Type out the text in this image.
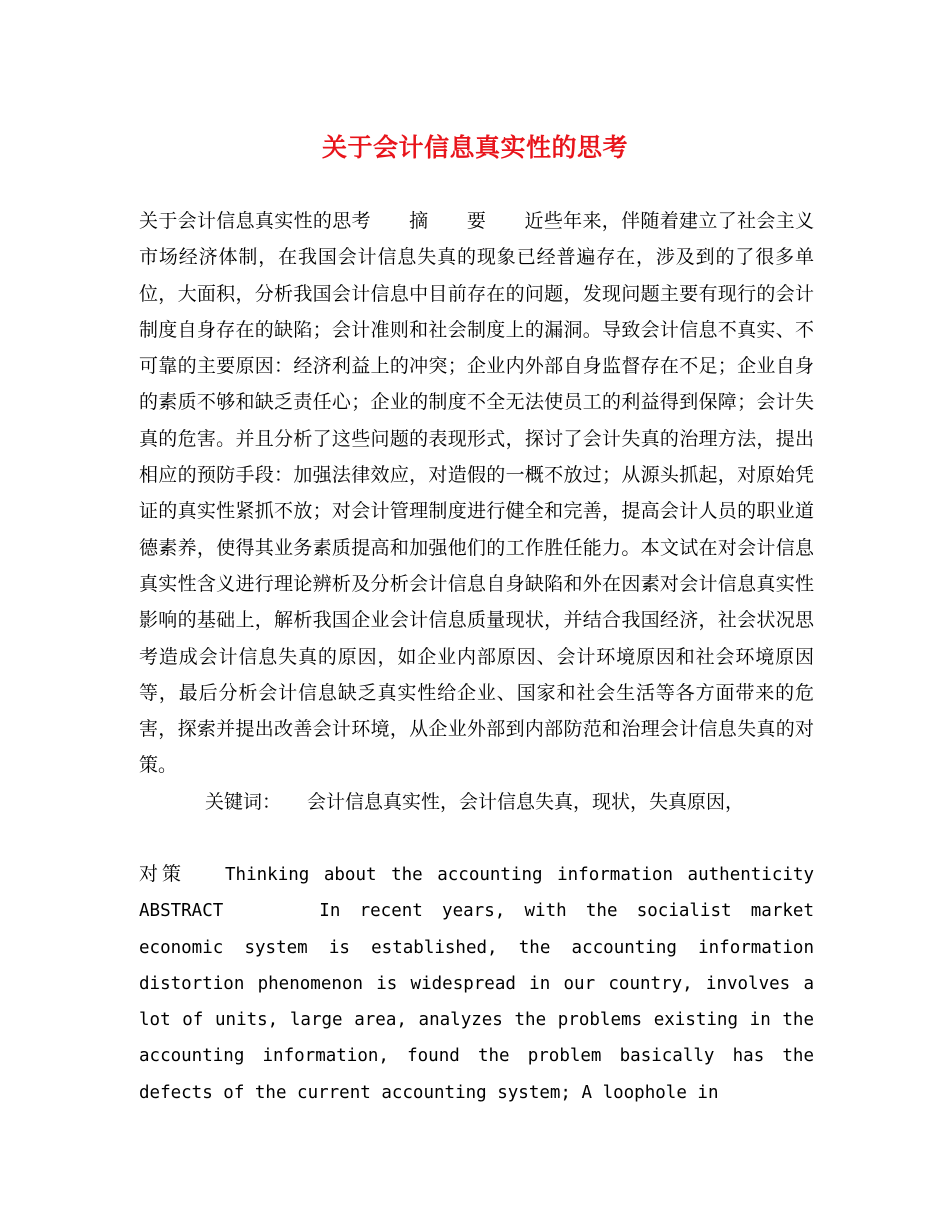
关于会计信息真实性的思考

关于会计信息真实性的思考 摘 要 近些年来，伴随着建立了社会主义市场经济体制，在我国会计信息失真的现象已经普遍存在，涉及到的了很多单位，大面积，分析我国会计信息中目前存在的问题，发现问题主要有现行的会计制度自身存在的缺陷；会计准则和社会制度上的漏洞。导致会计信息不真实、不可靠的主要原因：经济利益上的冲突；企业内外部自身监督存在不足；企业自身的素质不够和缺乏责任心；企业的制度不全无法使员工的利益得到保障；会计失真的危害。并且分析了这些问题的表现形式，探讨了会计失真的治理方法，提出相应的预防手段：加强法律效应，对造假的一概不放过；从源头抓起，对原始凭证的真实性紧抓不放；对会计管理制度进行健全和完善，提高会计人员的职业道德素养，使得其业务素质提高和加强他们的工作胜任能力。本文试在对会计信息真实性含义进行理论辨析及分析会计信息自身缺陷和外在因素对会计信息真实性影响的基础上，解析我国企业会计信息质量现状，并结合我国经济，社会状况思考造成会计信息失真的原因，如企业内部原因、会计环境原因和社会环境原因等，最后分析会计信息缺乏真实性给企业、国家和社会生活等各方面带来的危害，探索并提出改善会计环境，从企业外部到内部防范和治理会计信息失真的对策。

关键词： 会计信息真实性，会计信息失真，现状，失真原因，

对策 Thinking about the accounting information authenticity ABSTRACT	In recent years, with the socialist market economic system is established, the accounting information distortion phenomenon is widespread in our country, involves a lot of units, large area, analyzes the problems existing in the accounting information, found the problem basically has the defects of the current accounting system; A loophole in
